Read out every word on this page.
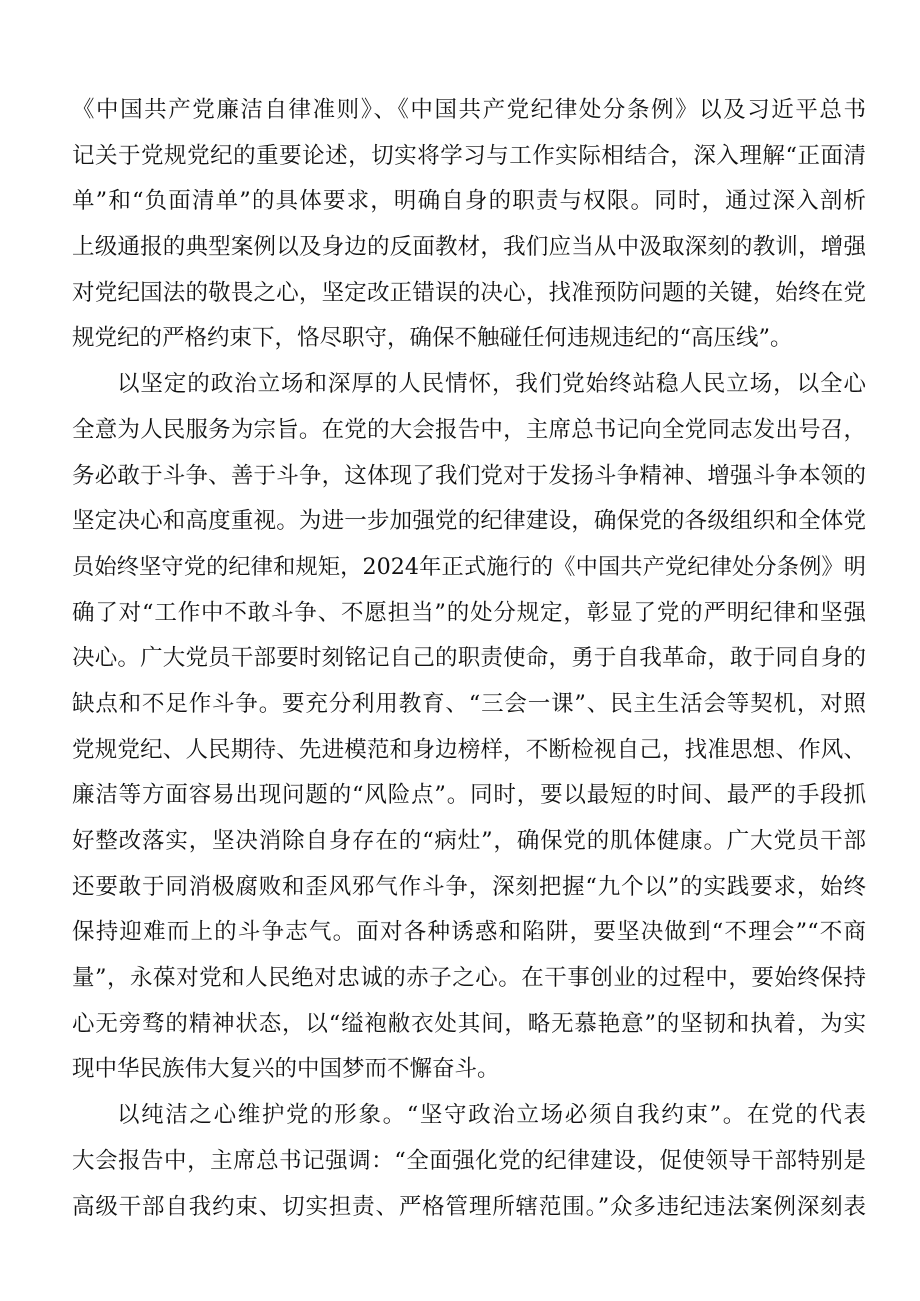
《中国共产党廉洁自律准则》、《中国共产党纪律处分条例》以及习近平总书
记关于党规党纪的重要论述，切实将学习与工作实际相结合，深入理解“正面清
单”和“负面清单”的具体要求，明确自身的职责与权限。同时，通过深入剖析
上级通报的典型案例以及身边的反面教材，我们应当从中汲取深刻的教训，增强
对党纪国法的敬畏之心，坚定改正错误的决心，找准预防问题的关键，始终在党
规党纪的严格约束下，恪尽职守，确保不触碰任何违规违纪的“高压线”。
以坚定的政治立场和深厚的人民情怀，我们党始终站稳人民立场，以全心
全意为人民服务为宗旨。在党的大会报告中，主席总书记向全党同志发出号召，
务必敢于斗争、善于斗争，这体现了我们党对于发扬斗争精神、增强斗争本领的
坚定决心和高度重视。为进一步加强党的纪律建设，确保党的各级组织和全体党
员始终坚守党的纪律和规矩，2024年正式施行的《中国共产党纪律处分条例》明
确了对“工作中不敢斗争、不愿担当”的处分规定，彰显了党的严明纪律和坚强
决心。广大党员干部要时刻铭记自己的职责使命，勇于自我革命，敢于同自身的
缺点和不足作斗争。要充分利用教育、“三会一课”、民主生活会等契机，对照
党规党纪、人民期待、先进模范和身边榜样，不断检视自己，找准思想、作风、
廉洁等方面容易出现问题的“风险点”。同时，要以最短的时间、最严的手段抓
好整改落实，坚决消除自身存在的“病灶”，确保党的肌体健康。广大党员干部
还要敢于同消极腐败和歪风邪气作斗争，深刻把握“九个以”的实践要求，始终
保持迎难而上的斗争志气。面对各种诱惑和陷阱，要坚决做到“不理会”“不商
量”，永葆对党和人民绝对忠诚的赤子之心。在干事创业的过程中，要始终保持
心无旁骛的精神状态，以“缢袍敝衣处其间，略无慕艳意”的坚韧和执着，为实
现中华民族伟大复兴的中国梦而不懈奋斗。
以纯洁之心维护党的形象。“坚守政治立场必须自我约束”。在党的代表
大会报告中，主席总书记强调：“全面强化党的纪律建设，促使领导干部特别是
高级干部自我约束、切实担责、严格管理所辖范围。”众多违纪违法案例深刻表
